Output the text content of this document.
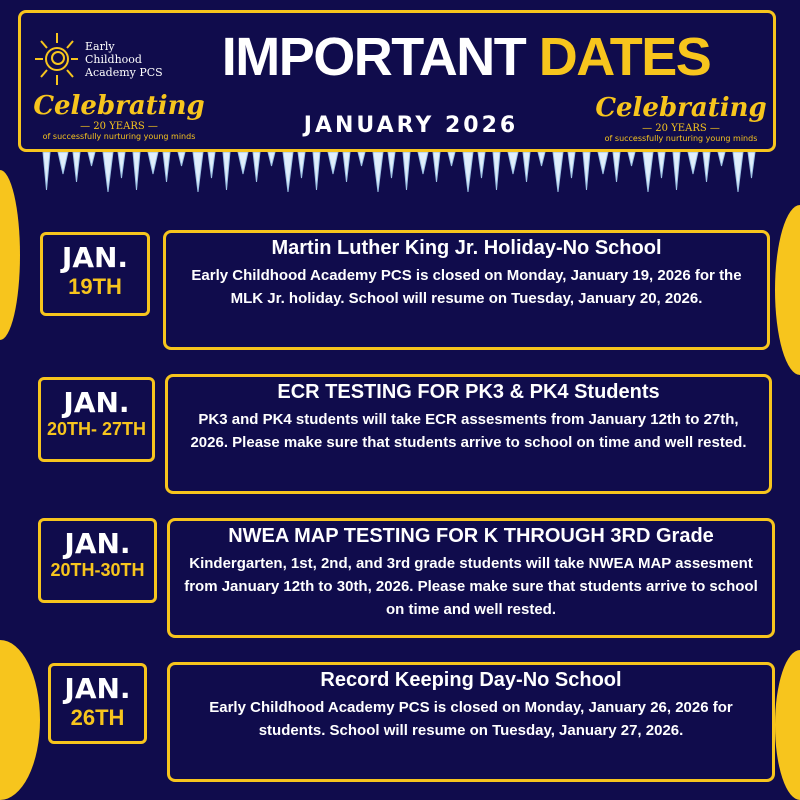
Early
Childhood
Academy PCS	IMPORTANT DATES
JANUARY 2026
Celebrating
— 20 YEARS —
of successfully nurturing young minds
Celebrating
— 20 YEARS —
of successfully nurturing young minds
JAN.
19TH
Martin Luther King Jr. Holiday-No School
Early Childhood Academy PCS is closed on Monday, January 19, 2026 for the MLK Jr. holiday. School will resume on Tuesday, January 20, 2026.
JAN.
20TH- 27TH
ECR TESTING FOR PK3 & PK4 Students
PK3 and PK4 students will take ECR assesments from January 12th to 27th, 2026. Please make sure that students arrive to school on time and well rested.
JAN.
20TH-30TH
NWEA MAP TESTING FOR K THROUGH 3RD Grade
Kindergarten, 1st, 2nd, and 3rd grade students will take NWEA MAP assesment from January 12th to 30th, 2026. Please make sure that students arrive to school on time and well rested.
JAN.
26TH
Record Keeping Day-No School
Early Childhood Academy PCS is closed on Monday, January 26, 2026 for students. School will resume on Tuesday, January 27, 2026.
